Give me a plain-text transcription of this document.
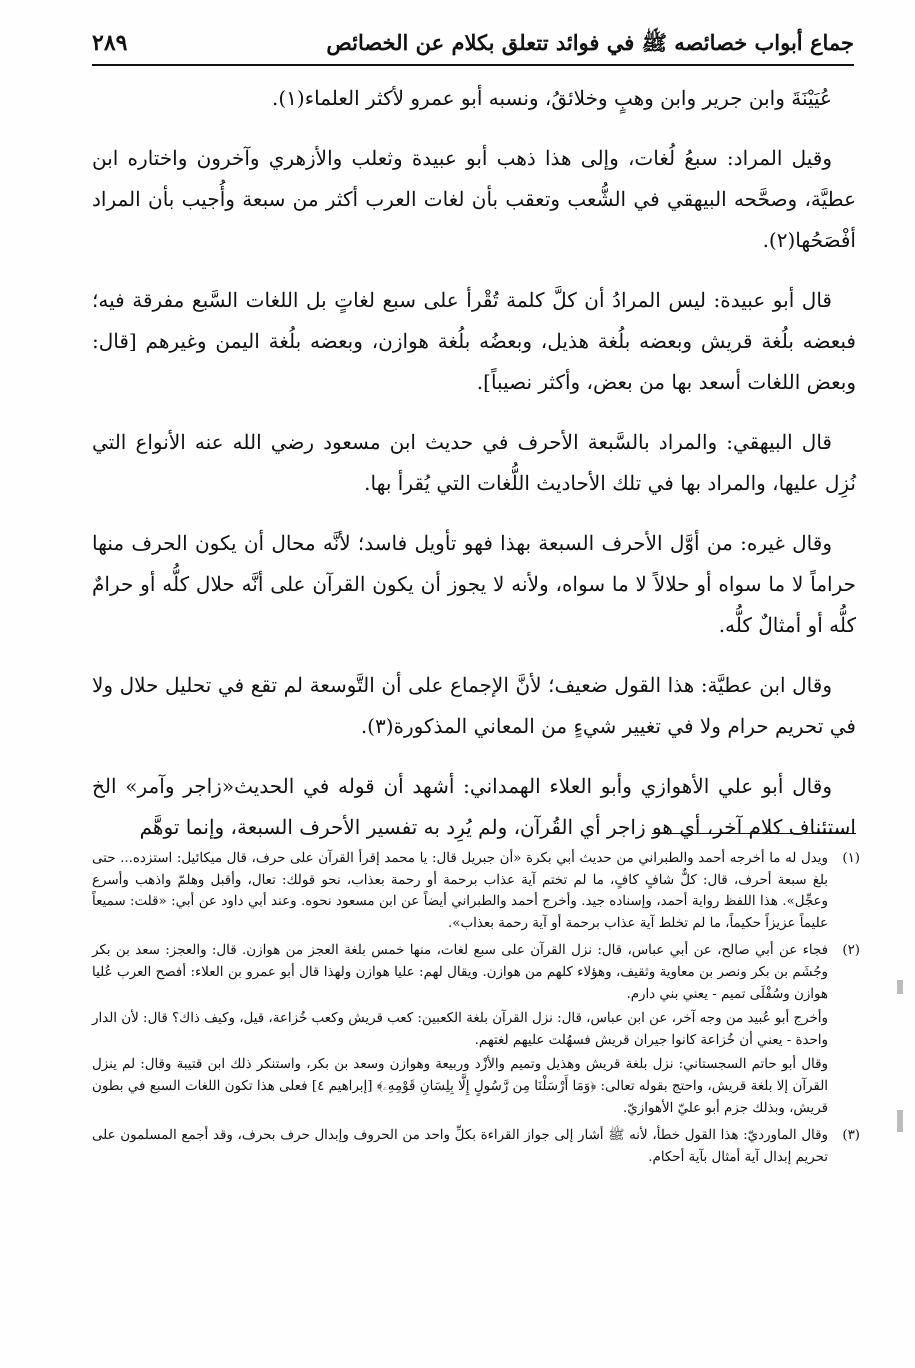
جماع أبواب خصائصه ﷺ في فوائد تتعلق بكلام عن الخصائص
٢٨٩

عُيَيْنَةَ وابن جرير وابن وهبٍ وخلائقُ، ونسبه أبو عمرو لأكثر العلماء(١).

وقيل المراد: سبعُ لُغات، وإلى هذا ذهب أبو عبيدة وثعلب والأزهري وآخرون واختاره ابن عطيَّة، وصحَّحه البيهقي في الشُّعب وتعقب بأن لغات العرب أكثر من سبعة وأُجيب بأن المراد أفْصَحُها(٢).

قال أبو عبيدة: ليس المرادُ أن كلَّ كلمة تُقْرأ على سبع لغاتٍ بل اللغات السَّبع مفرقة فيه؛ فبعضه بلُغة قريش وبعضه بلُغة هذيل، وبعضُه بلُغة هوازن، وبعضه بلُغة اليمن وغيرهم [قال: وبعض اللغات أسعد بها من بعض، وأكثر نصيباً].

قال البيهقي: والمراد بالسَّبعة الأحرف في حديث ابن مسعود رضي الله عنه الأنواع التي نُزِل عليها، والمراد بها في تلك الأحاديث اللُّغات التي يُقرأ بها.

وقال غيره: من أوَّل الأحرف السبعة بهذا فهو تأويل فاسد؛ لأنَّه محال أن يكون الحرف منها حراماً لا ما سواه أو حلالاً لا ما سواه، ولأنه لا يجوز أن يكون القرآن على أنَّه حلال كلُّه أو حرامٌ كلُّه أو أمثالٌ كلُّه.

وقال ابن عطيَّة: هذا القول ضعيف؛ لأنَّ الإجماع على أن التَّوسعة لم تقع في تحليل حلال ولا في تحريم حرام ولا في تغيير شيءٍ من المعاني المذكورة(٣).

وقال أبو علي الأهوازي وأبو العلاء الهمداني: أشهد أن قوله في الحديث«زاجر وآمر» الخ استئناف كلام آخر، أي هو زاجر أي القُرآن، ولم يُرِد به تفسير الأحرف السبعة، وإنما توهَّم

(١)

ويدل له ما أخرجه أحمد والطبراني من حديث أبي بكرة «أن جبريل قال: يا محمد إقرأ القرآن على حرف، قال ميكائيل: استزده... حتى بلغ سبعة أحرف، قال: كلٌّ شافٍ كافٍ، ما لم تختم آية عذاب برحمة أو رحمة بعذاب، نحو قولك: تعال، وأقبل وهلمّ واذهب وأسرع وعجِّل». هذا اللفظ رواية أحمد، وإسناده جيد. وأخرج أحمد والطبراني أيضاً عن ابن مسعود نحوه. وعند أبي داود عن أبي: «قلت: سميعاً عليماً عزيزاً حكيماً، ما لم تخلط آية عذاب برحمة أو آية رحمة بعذاب».

(٢)

فجاء عن أبي صالح، عن أبي عباس، قال: نزل القرآن على سبع لغات، منها خمس بلغة العجز من هوازن. قال: والعجز: سعد بن بكر وجُشَم بن بكر ونصر بن معاوية وثقيف، وهؤلاء كلهم من هوازن. ويقال لهم: عليا هوازن ولهذا قال أبو عمرو بن العلاء: أفصح العرب عُليا هوازن وسُفْلَى تميم - يعني بني دارم.

وأخرج أبو عُبيد من وجه آخر، عن ابن عباس، قال: نزل القرآن بلغة الكعبين: كعب قريش وكعب خُزاعة، قيل، وكيف ذاك؟ قال: لأن الدار واحدة - يعني أن خُزاعة كانوا جيران قريش فسهُلت عليهم لغتهم.

وقال أبو حاتم السجستاني: نزل بلغة قريش وهذيل وتميم والأزْد وربيعة وهوازن وسعد بن بكر، واستنكر ذلك ابن قتيبة وقال: لم ينزل القرآن إلا بلغة قريش، واحتج بقوله تعالى: ﴿وَمَا أَرْسَلْنَا مِن رَّسُولٍ إِلَّا بِلِسَانِ قَوْمِهِۦ﴾ [إبراهيم ٤] فعلى هذا تكون اللغات السبع في بطون قريش، وبذلك جزم أبو عليّ الأهوازيّ.

(٣)

وقال الماورديّ: هذا القول خطأ، لأنه ﷺ أشار إلى جواز القراءة بكلِّ واحد من الحروف وإبدال حرف بحرف، وقد أجمع المسلمون على تحريم إبدال آية أمثال بآية أحكام.
